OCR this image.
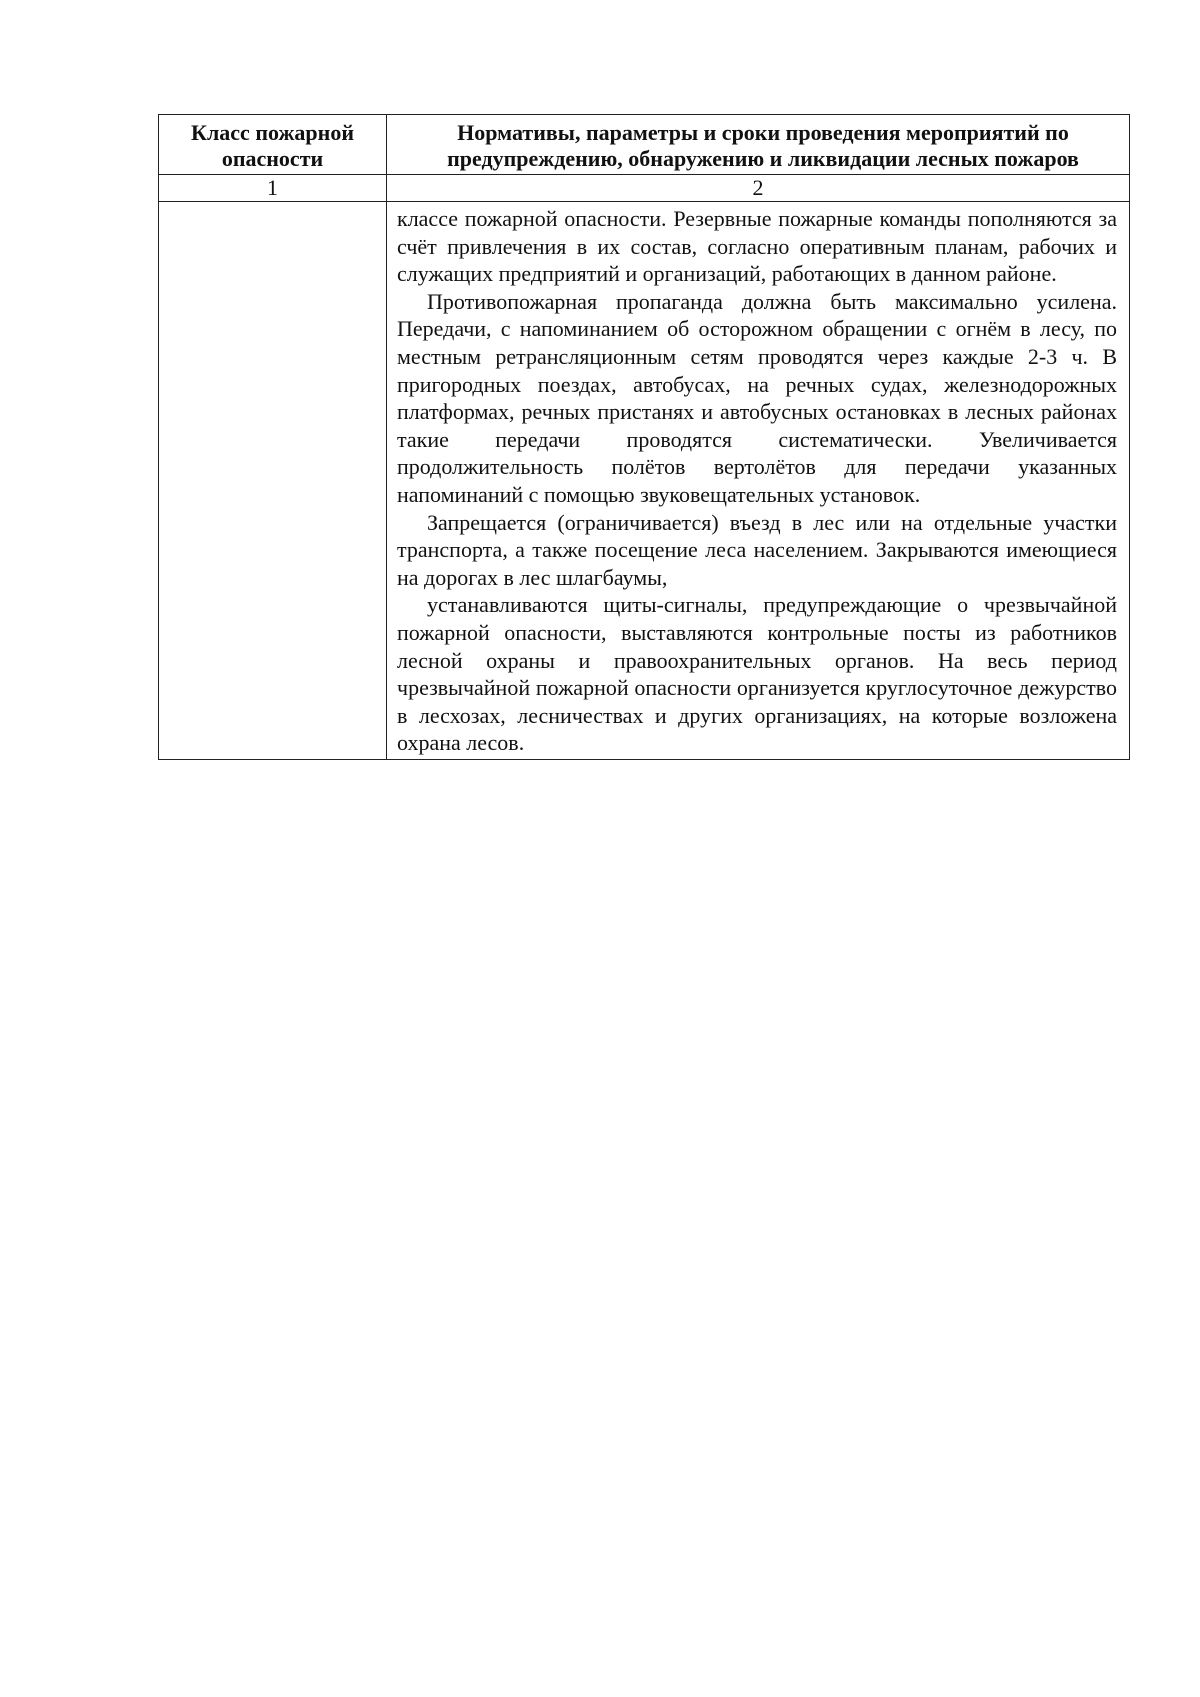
Класс пожарной опасности	Нормативы, параметры и сроки проведения мероприятий по предупреждению, обнаружению и ликвидации лесных пожаров
1	2

	классе пожарной опасности. Резервные пожарные команды пополняются за счёт привлечения в их состав, согласно оперативным планам, рабочих и служащих предприятий и организаций, работающих в данном районе.

Противопожарная пропаганда должна быть максимально усилена. Передачи, с напоминанием об осторожном обращении с огнём в лесу, по местным ретрансляционным сетям проводятся через каждые 2-3 ч. В пригородных поездах, автобусах, на речных судах, железнодорожных платформах, речных пристанях и автобусных остановках в лесных районах такие передачи проводятся систематически. Увеличивается продолжительность полётов вертолётов для передачи указанных напоминаний с помощью звуковещательных установок.

Запрещается (ограничивается) въезд в лес или на отдельные участки транспорта, а также посещение леса населением. Закрываются имеющиеся на дорогах в лес шлагбаумы,

устанавливаются щиты-сигналы, предупреждающие о чрезвычайной пожарной опасности, выставляются контрольные посты из работников лесной охраны и правоохранительных органов. На весь период чрезвычайной пожарной опасности организуется круглосуточное дежурство в лесхозах, лесничествах и других организациях, на которые возложена охрана лесов.
